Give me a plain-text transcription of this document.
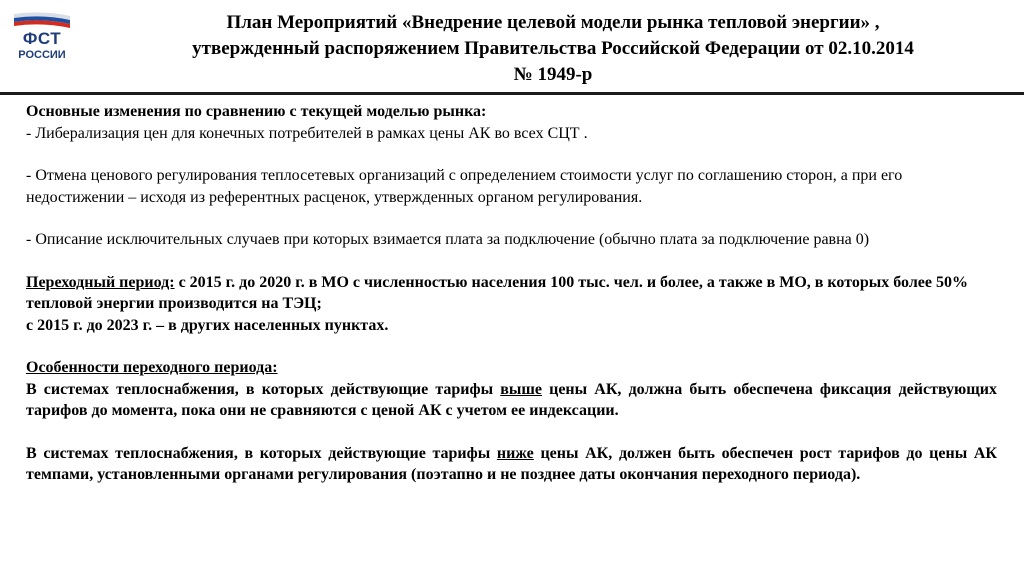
ФСТ
РОССИИ
План Мероприятий «Внедрение целевой модели рынка тепловой энергии» ,
утвержденный распоряжением Правительства Российской Федерации от 02.10.2014
№ 1949-р

Основные изменения по сравнению с текущей моделью рынка:

- Либерализация цен для конечных потребителей в рамках цены АК во всех СЦТ .

- Отмена ценового регулирования теплосетевых организаций с определением стоимости услуг по соглашению сторон, а при его недостижении – исходя из референтных расценок, утвержденных органом регулирования.

- Описание исключительных случаев при которых взимается плата за подключение (обычно плата за подключение равна 0)

Переходный период: с 2015 г. до 2020 г. в МО с численностью населения 100 тыс. чел. и более, а также в МО, в которых более 50% тепловой энергии производится на ТЭЦ;

с 2015 г. до 2023 г. – в других населенных пунктах.

Особенности переходного периода:

В системах теплоснабжения, в которых действующие тарифы выше цены АК, должна быть обеспечена фиксация действующих тарифов до момента, пока они не сравняются с ценой АК с учетом ее индексации.

В системах теплоснабжения, в которых действующие тарифы ниже цены АК, должен быть обеспечен рост тарифов до цены АК темпами, установленными органами регулирования (поэтапно и не позднее даты окончания переходного периода).
